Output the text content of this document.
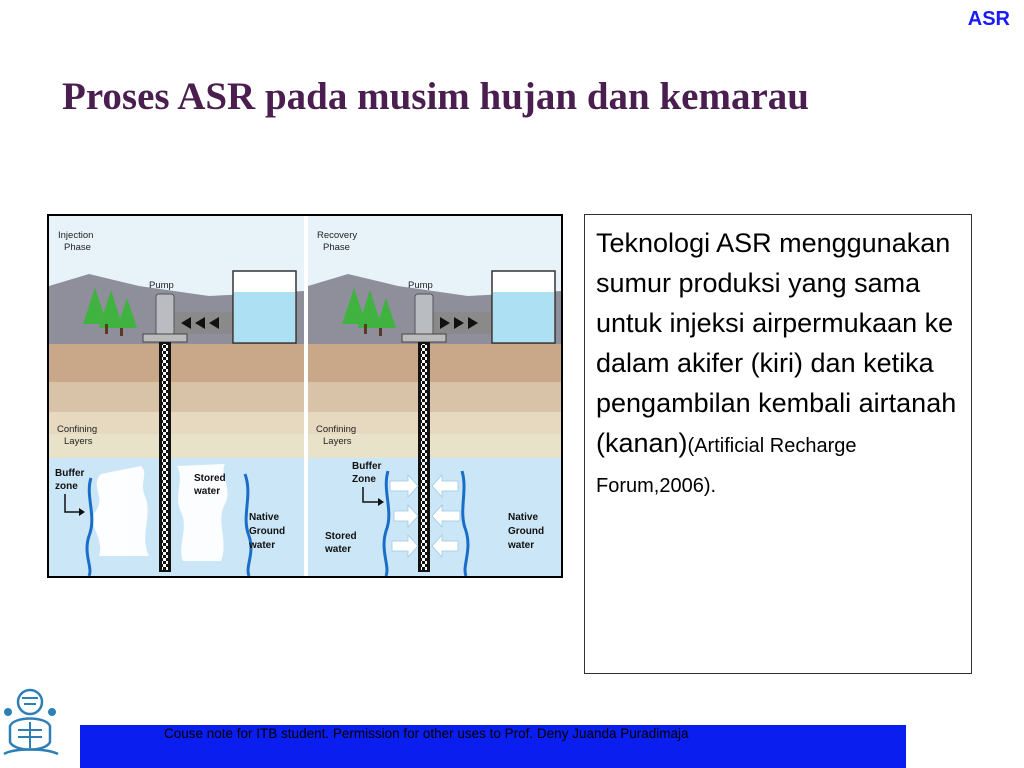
ASR
Proses ASR pada musim hujan dan kemarau
Injection
Phase
Pump
Confining
Layers
Buffer
zone
Stored
water
Native
Ground
water
Recovery
Phase
Pump
Confining
Layers
Buffer
Zone
Stored
water
Native
Ground
water
Teknologi ASR menggunakan sumur produksi yang sama untuk injeksi airpermukaan ke dalam akifer (kiri) dan ketika pengambilan kembali airtanah (kanan)(Artificial Recharge Forum,2006).
Couse note for ITB student. Permission for other uses to Prof. Deny Juanda Puradimaja
